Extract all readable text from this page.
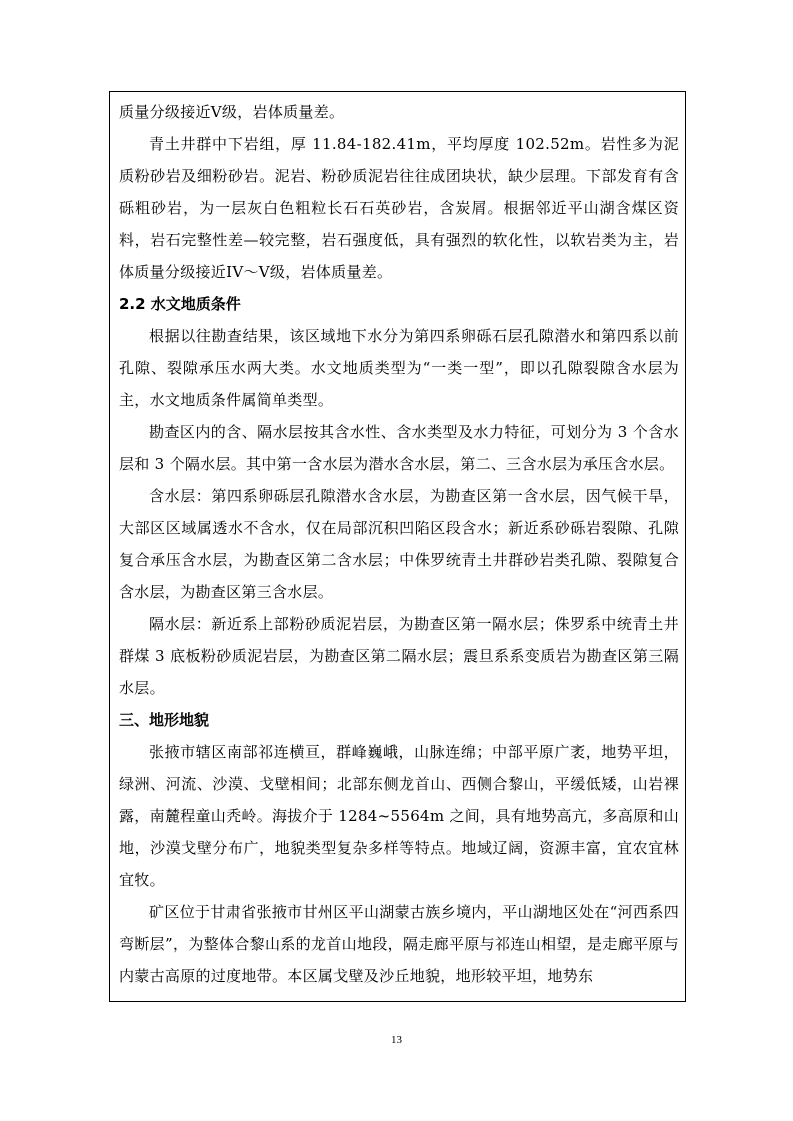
质量分级接近V级，岩体质量差。

青土井群中下岩组，厚 11.84-182.41m，平均厚度 102.52m。岩性多为泥质粉砂岩及细粉砂岩。泥岩、粉砂质泥岩往往成团块状，缺少层理。下部发育有含砾粗砂岩，为一层灰白色粗粒长石石英砂岩，含炭屑。根据邻近平山湖含煤区资料，岩石完整性差—较完整，岩石强度低，具有强烈的软化性，以软岩类为主，岩体质量分级接近IV～V级，岩体质量差。

2.2 水文地质条件

根据以往勘查结果，该区域地下水分为第四系卵砾石层孔隙潜水和第四系以前孔隙、裂隙承压水两大类。水文地质类型为“一类一型”，即以孔隙裂隙含水层为主，水文地质条件属简单类型。

勘查区内的含、隔水层按其含水性、含水类型及水力特征，可划分为 3 个含水层和 3 个隔水层。其中第一含水层为潜水含水层，第二、三含水层为承压含水层。

含水层：第四系卵砾层孔隙潜水含水层，为勘查区第一含水层，因气候干旱，大部区区域属透水不含水，仅在局部沉积凹陷区段含水；新近系砂砾岩裂隙、孔隙复合承压含水层，为勘查区第二含水层；中侏罗统青土井群砂岩类孔隙、裂隙复合含水层，为勘查区第三含水层。

隔水层：新近系上部粉砂质泥岩层，为勘查区第一隔水层；侏罗系中统青土井群煤 3 底板粉砂质泥岩层，为勘查区第二隔水层；震旦系系变质岩为勘查区第三隔水层。

三、地形地貌

张掖市辖区南部祁连横亘，群峰巍峨，山脉连绵；中部平原广袤，地势平坦，绿洲、河流、沙漠、戈壁相间；北部东侧龙首山、西侧合黎山，平缓低矮，山岩裸露，南麓程童山秃岭。海拔介于 1284~5564m 之间，具有地势高亢，多高原和山地，沙漠戈壁分布广，地貌类型复杂多样等特点。地域辽阔，资源丰富，宜农宜林宜牧。

矿区位于甘肃省张掖市甘州区平山湖蒙古族乡境内，平山湖地区处在“河西系四弯断层”，为整体合黎山系的龙首山地段，隔走廊平原与祁连山相望，是走廊平原与内蒙古高原的过度地带。本区属戈壁及沙丘地貌，地形较平坦，地势东

13
